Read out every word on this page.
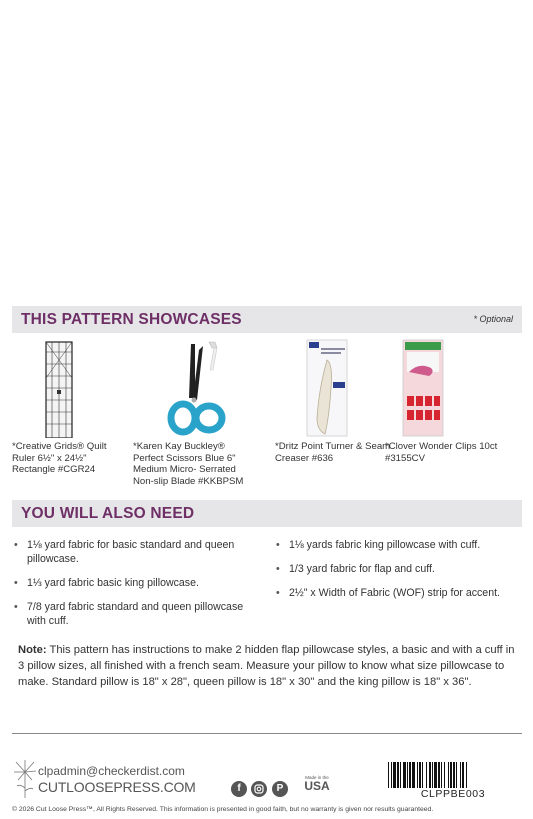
THIS PATTERN SHOWCASES	* Optional
*Creative Grids® Quilt Ruler 6½" x 24½" Rectangle #CGR24
*Karen Kay Buckley® Perfect Scissors Blue 6" Medium Micro- Serrated Non-slip Blade #KKBPSM
*Dritz Point Turner & Seam Creaser #636
*Clover Wonder Clips 10ct #3155CV
YOU WILL ALSO NEED
• 1⅛ yard fabric for basic standard and queen pillowcase.
• 1⅓ yard fabric basic king pillowcase.
• 7/8 yard fabric standard and queen pillowcase with cuff.
• 1⅛ yards fabric king pillowcase with cuff.
• 1/3 yard fabric for flap and cuff.
• 2½" x Width of Fabric (WOF) strip for accent.

Note: This pattern has instructions to make 2 hidden flap pillowcase styles, a basic and with a cuff in 3 pillow sizes, all finished with a french seam. Measure your pillow to know what size pillowcase to make. Standard pillow is 18" x 28", queen pillow is 18" x 30" and the king pillow is 18" x 36".

clpadmin@checkerdist.com
CUTLOOSEPRESS.COM	f	P
Made in the
USA
CLPPBE003
© 2026 Cut Loose Press™, All Rights Reserved. This information is presented in good faith, but no warranty is given nor results guaranteed.
